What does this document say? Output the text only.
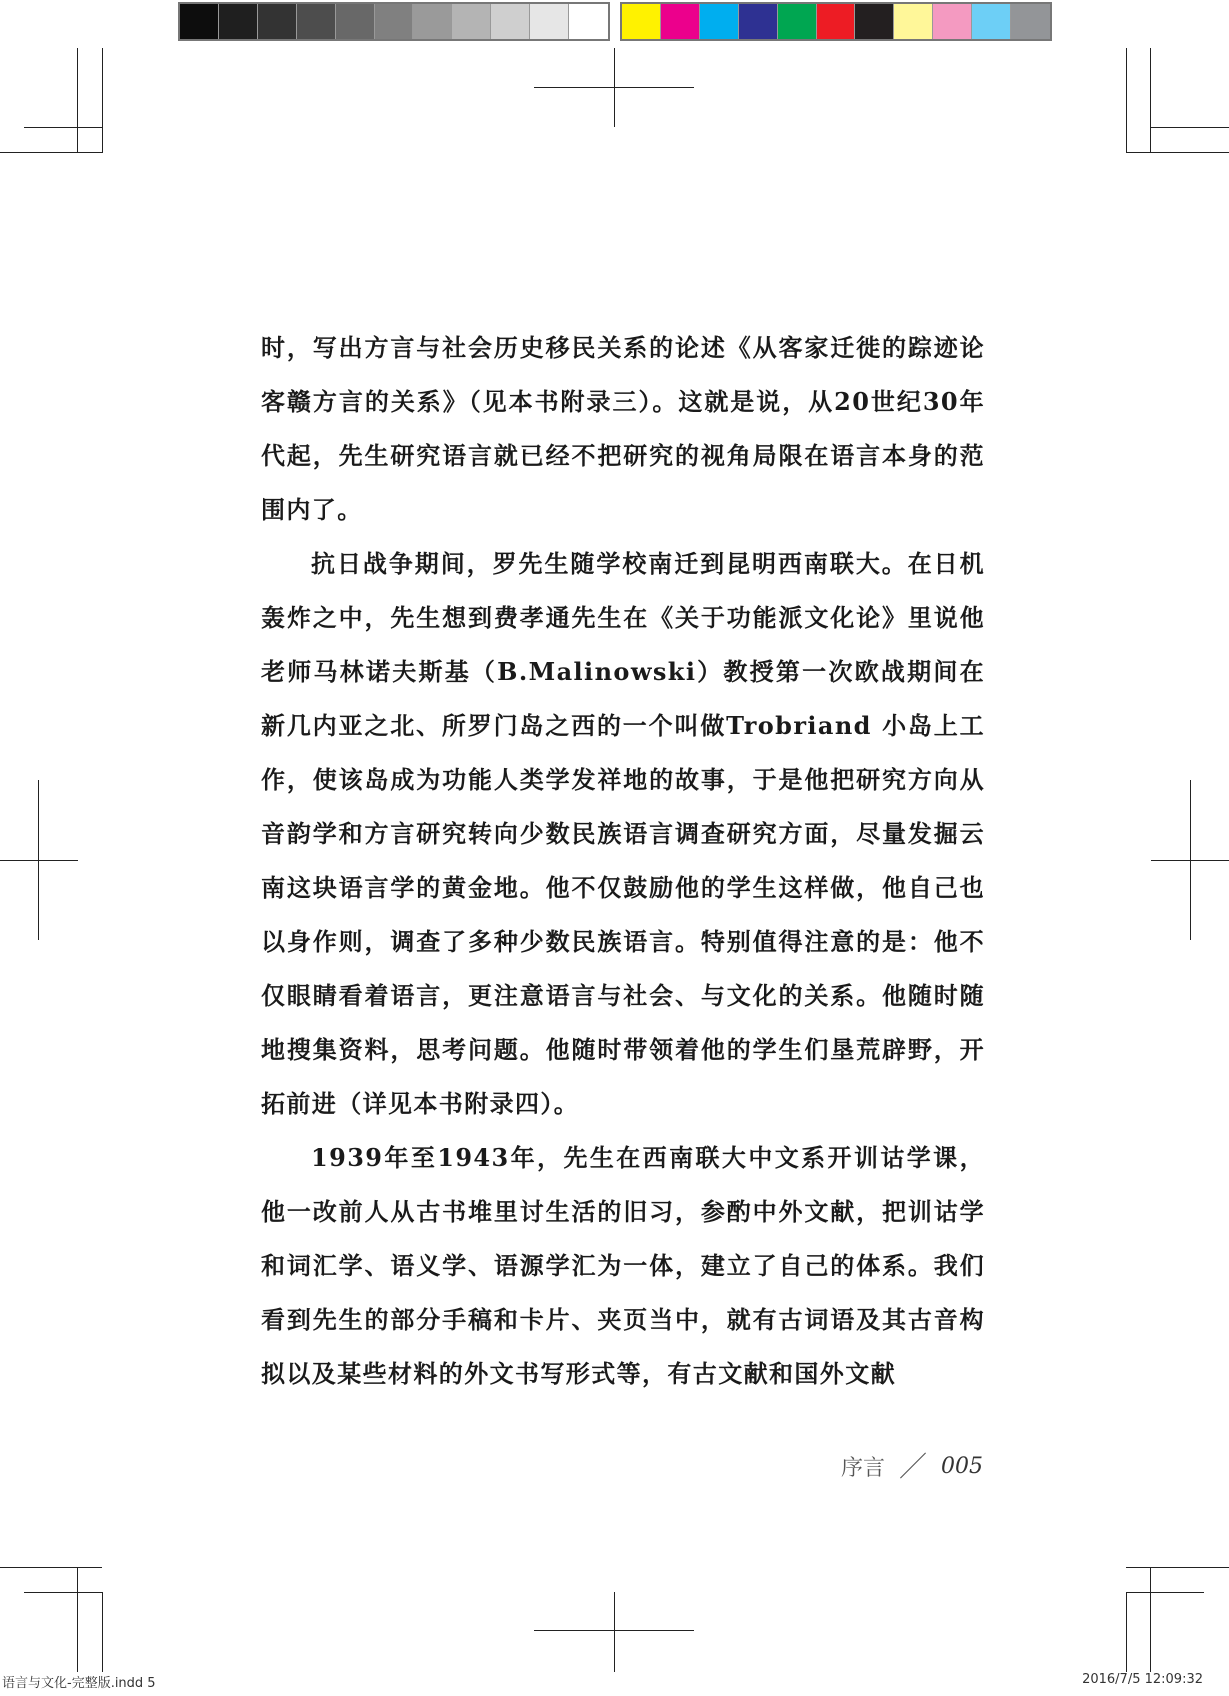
时，写出方言与社会历史移民关系的论述《从客家迁徙的踪迹论客赣方言的关系》（见本书附录三）。这就是说，从20世纪30年代起，先生研究语言就已经不把研究的视角局限在语言本身的范围内了。

抗日战争期间，罗先生随学校南迁到昆明西南联大。在日机轰炸之中，先生想到费孝通先生在《关于功能派文化论》里说他老师马林诺夫斯基（B.Malinowski）教授第一次欧战期间在新几内亚之北、所罗门岛之西的一个叫做Trobriand 小岛上工作，使该岛成为功能人类学发祥地的故事，于是他把研究方向从音韵学和方言研究转向少数民族语言调查研究方面，尽量发掘云南这块语言学的黄金地。他不仅鼓励他的学生这样做，他自己也以身作则，调查了多种少数民族语言。特别值得注意的是：他不仅眼睛看着语言，更注意语言与社会、与文化的关系。他随时随地搜集资料，思考问题。他随时带领着他的学生们垦荒辟野，开拓前进（详见本书附录四）。

1939年至1943年，先生在西南联大中文系开训诂学课，他一改前人从古书堆里讨生活的旧习，参酌中外文献，把训诂学和词汇学、语义学、语源学汇为一体，建立了自己的体系。我们看到先生的部分手稿和卡片、夹页当中，就有古词语及其古音构拟以及某些材料的外文书写形式等，有古文献和国外文献

序言 ／ 005
语言与文化-完整版.indd 5	2016/7/5 12:09:32
